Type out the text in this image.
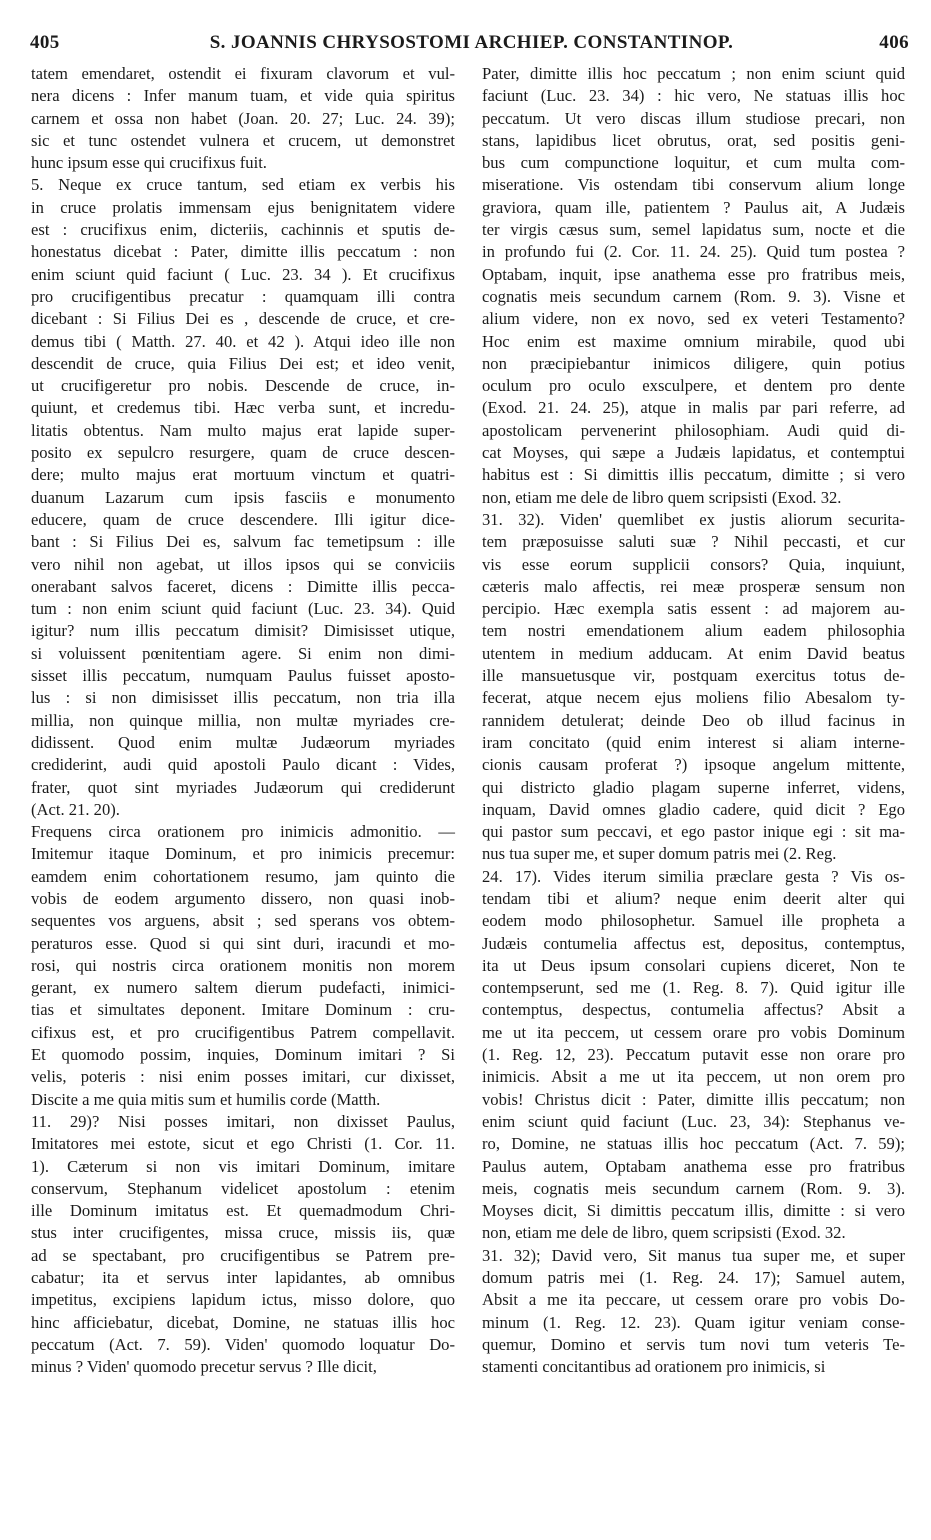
405	S. JOANNIS CHRYSOSTOMI ARCHIEP. CONSTANTINOP.	406
tatem emendaret, ostendit ei fixuram clavorum et vul-
nera dicens : Infer manum tuam, et vide quia spiritus
carnem et ossa non habet (Joan. 20. 27; Luc. 24. 39);
sic et tunc ostendet vulnera et crucem, ut demonstret
hunc ipsum esse qui crucifixus fuit.
5. Neque ex cruce tantum, sed etiam ex verbis his
in cruce prolatis immensam ejus benignitatem videre
est : crucifixus enim, dicteriis, cachinnis et sputis de-
honestatus dicebat : Pater, dimitte illis peccatum : non
enim sciunt quid faciunt ( Luc. 23. 34 ). Et crucifixus
pro crucifigentibus precatur : quamquam illi contra
dicebant : Si Filius Dei es , descende de cruce, et cre-
demus tibi ( Matth. 27. 40. et 42 ). Atqui ideo ille non
descendit de cruce, quia Filius Dei est; et ideo venit,
ut crucifigeretur pro nobis. Descende de cruce, in-
quiunt, et credemus tibi. Hæc verba sunt, et incredu-
litatis obtentus. Nam multo majus erat lapide super-
posito ex sepulcro resurgere, quam de cruce descen-
dere; multo majus erat mortuum vinctum et quatri-
duanum Lazarum cum ipsis fasciis e monumento
educere, quam de cruce descendere. Illi igitur dice-
bant : Si Filius Dei es, salvum fac temetipsum : ille
vero nihil non agebat, ut illos ipsos qui se conviciis
onerabant salvos faceret, dicens : Dimitte illis pecca-
tum : non enim sciunt quid faciunt (Luc. 23. 34). Quid
igitur? num illis peccatum dimisit? Dimisisset utique,
si voluissent pœnitentiam agere. Si enim non dimi-
sisset illis peccatum, numquam Paulus fuisset aposto-
lus : si non dimisisset illis peccatum, non tria illa
millia, non quinque millia, non multæ myriades cre-
didissent. Quod enim multæ Judæorum myriades
crediderint, audi quid apostoli Paulo dicant : Vides,
frater, quot sint myriades Judæorum qui crediderunt
(Act. 21. 20).
Frequens circa orationem pro inimicis admonitio. —
Imitemur itaque Dominum, et pro inimicis precemur:
eamdem enim cohortationem resumo, jam quinto die
vobis de eodem argumento dissero, non quasi inob-
sequentes vos arguens, absit ; sed sperans vos obtem-
peraturos esse. Quod si qui sint duri, iracundi et mo-
rosi, qui nostris circa orationem monitis non morem
gerant, ex numero saltem dierum pudefacti, inimici-
tias et simultates deponent. Imitare Dominum : cru-
cifixus est, et pro crucifigentibus Patrem compellavit.
Et quomodo possim, inquies, Dominum imitari ? Si
velis, poteris : nisi enim posses imitari, cur dixisset,
Discite a me quia mitis sum et humilis corde (Matth.
11. 29)? Nisi posses imitari, non dixisset Paulus,
Imitatores mei estote, sicut et ego Christi (1. Cor. 11.
1). Cæterum si non vis imitari Dominum, imitare
conservum, Stephanum videlicet apostolum : etenim
ille Dominum imitatus est. Et quemadmodum Chri-
stus inter crucifigentes, missa cruce, missis iis, quæ
ad se spectabant, pro crucifigentibus se Patrem pre-
cabatur; ita et servus inter lapidantes, ab omnibus
impetitus, excipiens lapidum ictus, misso dolore, quo
hinc afficiebatur, dicebat, Domine, ne statuas illis hoc
peccatum (Act. 7. 59). Viden' quomodo loquatur Do-
minus ? Viden' quomodo precetur servus ? Ille dicit,
Pater, dimitte illis hoc peccatum ; non enim sciunt quid
faciunt (Luc. 23. 34) : hic vero, Ne statuas illis hoc
peccatum. Ut vero discas illum studiose precari, non
stans, lapidibus licet obrutus, orat, sed positis geni-
bus cum compunctione loquitur, et cum multa com-
miseratione. Vis ostendam tibi conservum alium longe
graviora, quam ille, patientem ? Paulus ait, A Judæis
ter virgis cæsus sum, semel lapidatus sum, nocte et die
in profundo fui (2. Cor. 11. 24. 25). Quid tum postea ?
Optabam, inquit, ipse anathema esse pro fratribus meis,
cognatis meis secundum carnem (Rom. 9. 3). Visne et
alium videre, non ex novo, sed ex veteri Testamento?
Hoc enim est maxime omnium mirabile, quod ubi
non præcipiebantur inimicos diligere, quin potius
oculum pro oculo exsculpere, et dentem pro dente
(Exod. 21. 24. 25), atque in malis par pari referre, ad
apostolicam pervenerint philosophiam. Audi quid di-
cat Moyses, qui sæpe a Judæis lapidatus, et contemptui
habitus est : Si dimittis illis peccatum, dimitte ; si vero
non, etiam me dele de libro quem scripsisti (Exod. 32.
31. 32). Viden' quemlibet ex justis aliorum securita-
tem præposuisse saluti suæ ? Nihil peccasti, et cur
vis esse eorum supplicii consors? Quia, inquiunt,
cæteris malo affectis, rei meæ prosperæ sensum non
percipio. Hæc exempla satis essent : ad majorem au-
tem nostri emendationem alium eadem philosophia
utentem in medium adducam. At enim David beatus
ille mansuetusque vir, postquam exercitus totus de-
fecerat, atque necem ejus moliens filio Abesalom ty-
rannidem detulerat; deinde Deo ob illud facinus in
iram concitato (quid enim interest si aliam interne-
cionis causam proferat ?) ipsoque angelum mittente,
qui districto gladio plagam superne inferret, videns,
inquam, David omnes gladio cadere, quid dicit ? Ego
qui pastor sum peccavi, et ego pastor inique egi : sit ma-
nus tua super me, et super domum patris mei (2. Reg.
24. 17). Vides iterum similia præclare gesta ? Vis os-
tendam tibi et alium? neque enim deerit alter qui
eodem modo philosophetur. Samuel ille propheta a
Judæis contumelia affectus est, depositus, contemptus,
ita ut Deus ipsum consolari cupiens diceret, Non te
contempserunt, sed me (1. Reg. 8. 7). Quid igitur ille
contemptus, despectus, contumelia affectus? Absit a
me ut ita peccem, ut cessem orare pro vobis Dominum
(1. Reg. 12, 23). Peccatum putavit esse non orare pro
inimicis. Absit a me ut ita peccem, ut non orem pro
vobis! Christus dicit : Pater, dimitte illis peccatum; non
enim sciunt quid faciunt (Luc. 23, 34): Stephanus ve-
ro, Domine, ne statuas illis hoc peccatum (Act. 7. 59);
Paulus autem, Optabam anathema esse pro fratribus
meis, cognatis meis secundum carnem (Rom. 9. 3).
Moyses dicit, Si dimittis peccatum illis, dimitte : si vero
non, etiam me dele de libro, quem scripsisti (Exod. 32.
31. 32); David vero, Sit manus tua super me, et super
domum patris mei (1. Reg. 24. 17); Samuel autem,
Absit a me ita peccare, ut cessem orare pro vobis Do-
minum (1. Reg. 12. 23). Quam igitur veniam conse-
quemur, Domino et servis tum novi tum veteris Te-
stamenti concitantibus ad orationem pro inimicis, si
